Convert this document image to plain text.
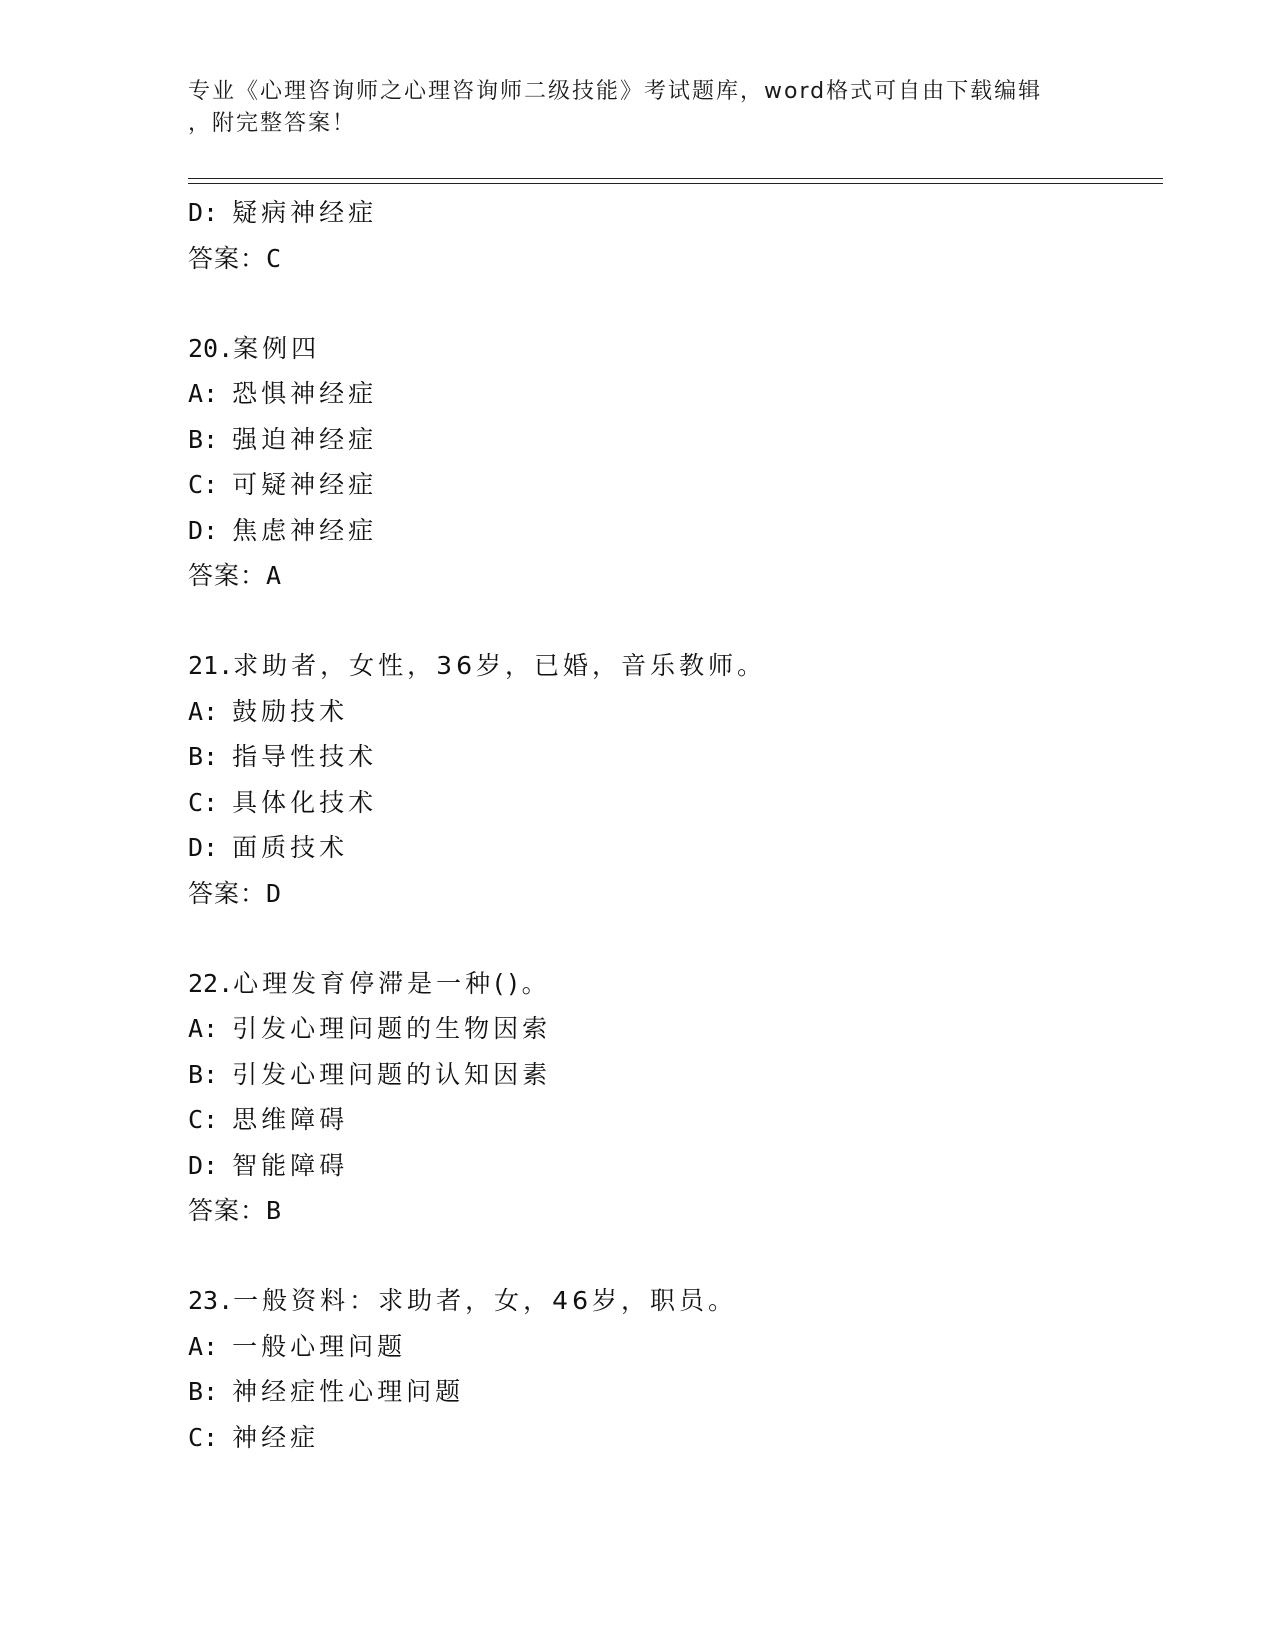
专业《心理咨询师之心理咨询师二级技能》考试题库，word格式可自由下载编辑
，附完整答案！
D: 疑病神经症
答案：C
20.案例四
A: 恐惧神经症
B: 强迫神经症
C: 可疑神经症
D: 焦虑神经症
答案：A
21.求助者，女性，36岁，已婚，音乐教师。
A: 鼓励技术
B: 指导性技术
C: 具体化技术
D: 面质技术
答案：D
22.心理发育停滞是一种()。
A: 引发心理问题的生物因索
B: 引发心理问题的认知因素
C: 思维障碍
D: 智能障碍
答案：B
23.一般资料：求助者，女，46岁，职员。
A: 一般心理问题
B: 神经症性心理问题
C: 神经症
